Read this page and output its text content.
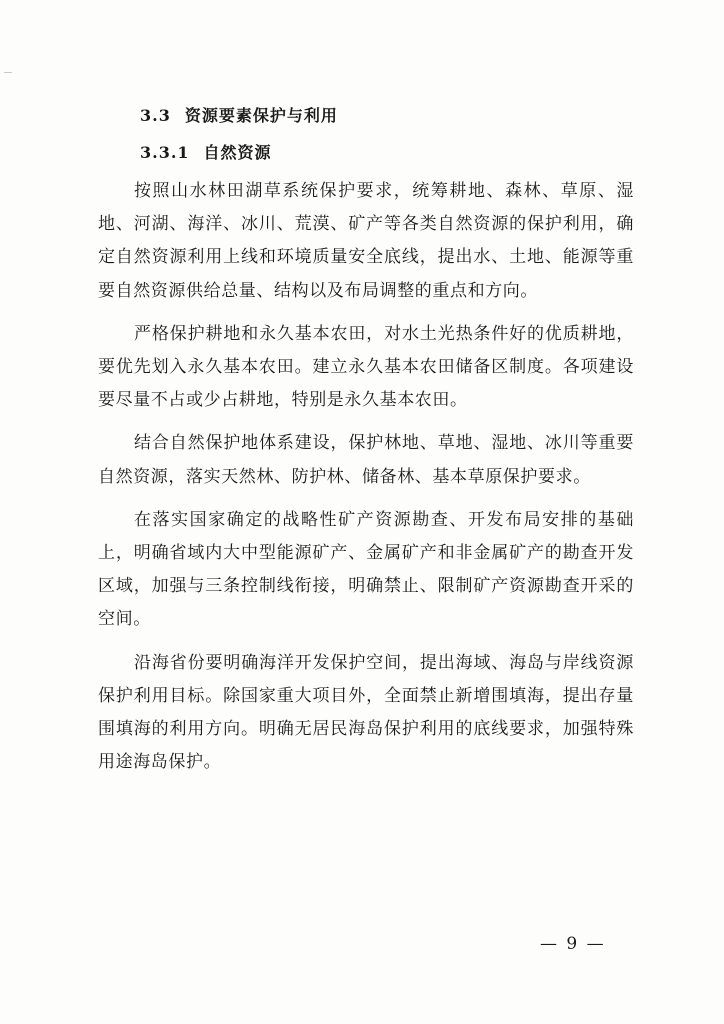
3.3 资源要素保护与利用
3.3.1 自然资源

按照山水林田湖草系统保护要求，统筹耕地、森林、草原、湿地、河湖、海洋、冰川、荒漠、矿产等各类自然资源的保护利用，确定自然资源利用上线和环境质量安全底线，提出水、土地、能源等重要自然资源供给总量、结构以及布局调整的重点和方向。

严格保护耕地和永久基本农田，对水土光热条件好的优质耕地，要优先划入永久基本农田。建立永久基本农田储备区制度。各项建设要尽量不占或少占耕地，特别是永久基本农田。

结合自然保护地体系建设，保护林地、草地、湿地、冰川等重要自然资源，落实天然林、防护林、储备林、基本草原保护要求。

在落实国家确定的战略性矿产资源勘查、开发布局安排的基础上，明确省域内大中型能源矿产、金属矿产和非金属矿产的勘查开发区域，加强与三条控制线衔接，明确禁止、限制矿产资源勘查开采的空间。

沿海省份要明确海洋开发保护空间，提出海域、海岛与岸线资源保护利用目标。除国家重大项目外，全面禁止新增围填海，提出存量围填海的利用方向。明确无居民海岛保护利用的底线要求，加强特殊用途海岛保护。

— 9 —
